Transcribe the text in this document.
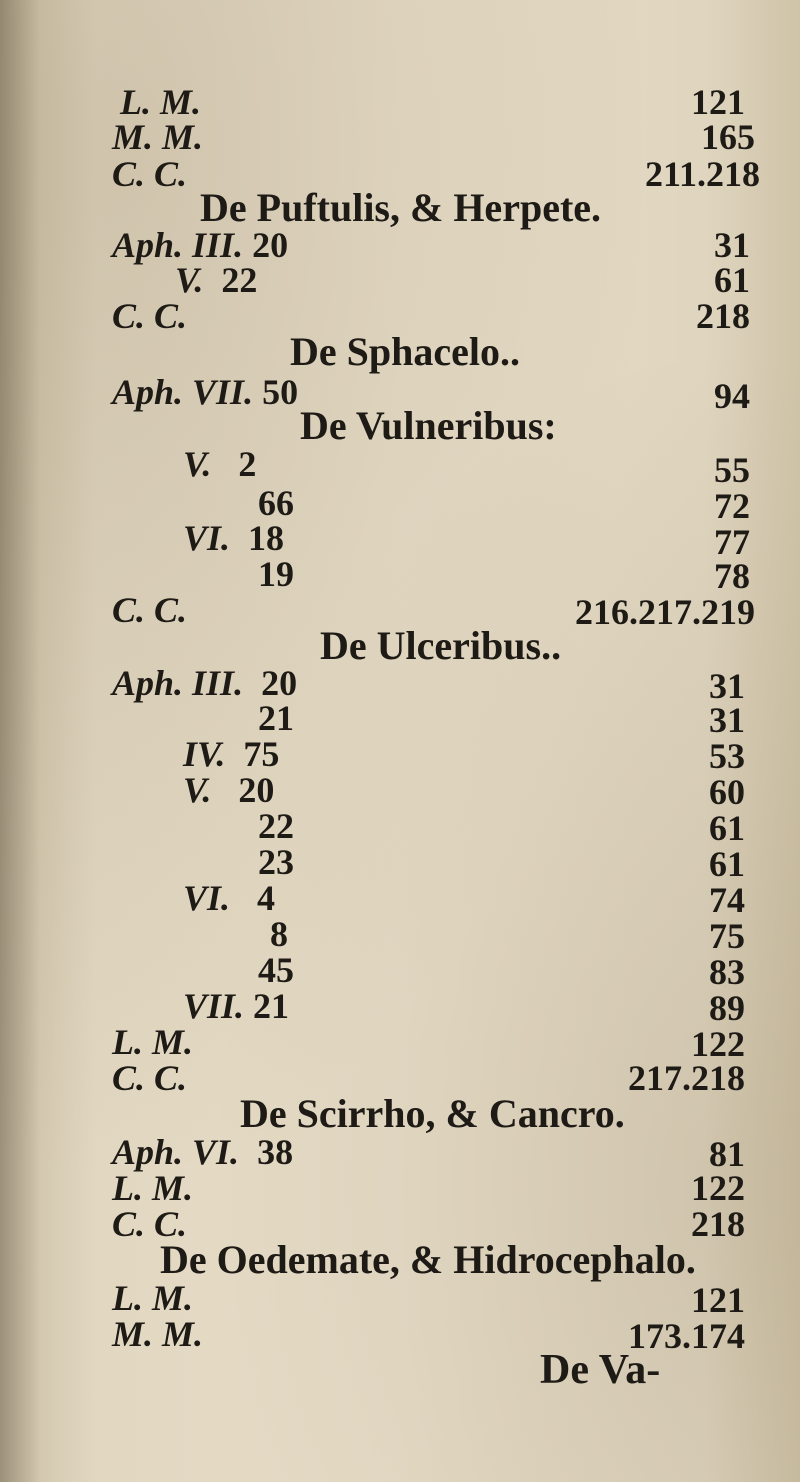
L. M.
M. M.
C. C.
Aph. III. 20
V. 22
C. C.
Aph. VII. 50
V. 2
66
VI. 18
19
C. C.
Aph. III. 20
21
IV. 75
V. 20
22
23
VI. 4
8
45
VII. 21
L. M.
C. C.
Aph. VI. 38
L. M.
C. C.
L. M.
M. M.
De Puftulis, & Herpete.
De Sphacelo..
De Vulneribus:
De Ulceribus..
De Scirrho, & Cancro.
De Oedemate, & Hidrocephalo.
121
165
211.218
31
61
218
94
55
72
77
78
216.217.219
31
31
53
60
61
61
74
75
83
89
122
217.218
81
122
218
121
173.174
De Va-
